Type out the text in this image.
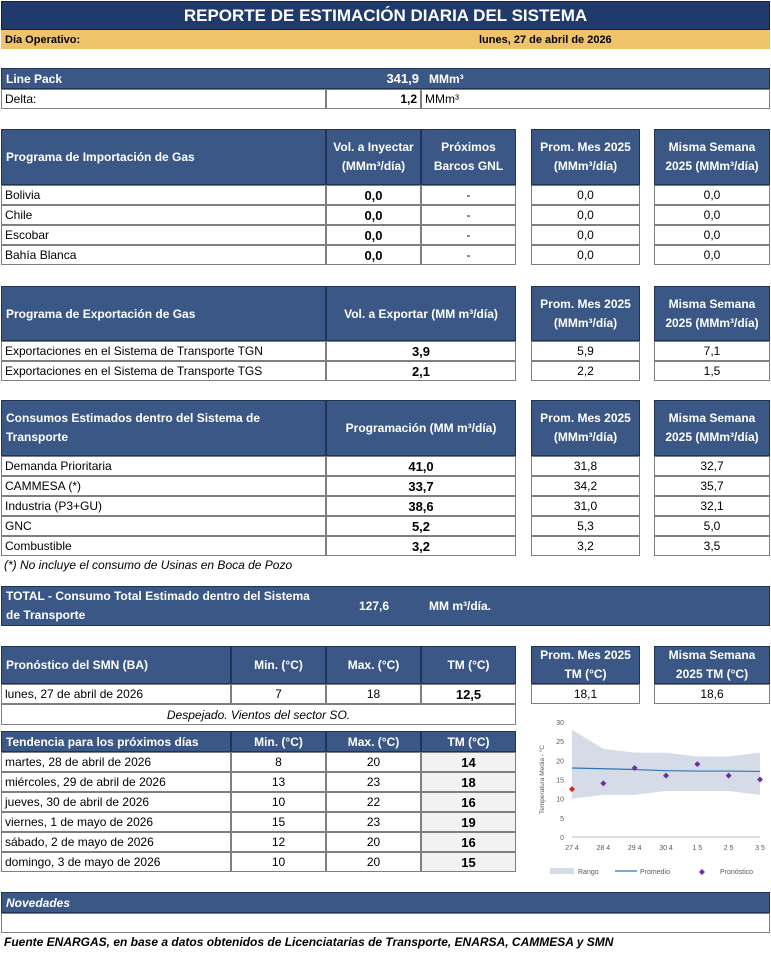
REPORTE DE ESTIMACIÓN DIARIA DEL SISTEMA
Día Operativo:	lunes, 27 de abril de 2026
Line Pack	341,9 MMm³
Delta:	1,2 MMm³
Programa de Importación de Gas
Vol. a Inyectar (MMm³/día)
Próximos Barcos GNL
Prom. Mes 2025 (MMm³/día)
Misma Semana 2025 (MMm³/día)
Bolivia	0,0	-	0,0	0,0
Chile	0,0	-	0,0	0,0
Escobar	0,0	-	0,0	0,0
Bahía Blanca	0,0	-	0,0	0,0
Programa de Exportación de Gas	Vol. a Exportar (MM m³/día)
Prom. Mes 2025 (MMm³/día)
Misma Semana 2025 (MMm³/día)
Exportaciones en el Sistema de Transporte TGN	3,9	5,9	7,1
Exportaciones en el Sistema de Transporte TGS	2,1	2,2	1,5
Consumos Estimados dentro del Sistema de Transporte
Programación (MM m³/día)
Prom. Mes 2025 (MMm³/día)
Misma Semana 2025 (MMm³/día)
Demanda Prioritaria	41,0	31,8	32,7
CAMMESA (*)	33,7	34,2	35,7
Industria (P3+GU)	38,6	31,0	32,1
GNC	5,2	5,3	5,0
Combustible	3,2	3,2	3,5
(*) No incluye el consumo de Usinas en Boca de Pozo
TOTAL - Consumo Total Estimado dentro del Sistema de Transporte
127,6	MM m³/día.
Pronóstico del SMN (BA)	Min. (°C)	Max. (°C)	TM (°C)
Prom. Mes 2025 TM (°C)
Misma Semana 2025 TM (°C)
lunes, 27 de abril de 2026	7	18	12,5	18,1	18,6
Despejado. Vientos del sector SO.
Tendencia para los próximos días	Min. (°C)	Max. (°C)	TM (°C)
martes, 28 de abril de 2026	8	20	14
miércoles, 29 de abril de 2026	13	23	18
jueves, 30 de abril de 2026	10	22	16
viernes, 1 de mayo de 2026	15	23	19
sábado, 2 de mayo de 2026	12	20	16
domingo, 3 de mayo de 2026	10	20	15
0
5
10
15
20
25
30
27 4	28 4	29 4	30 4	1 5	2 5	3 5
Temperatura Media - °C
Rango	Promedio	Pronóstico
Novedades
Fuente ENARGAS, en base a datos obtenidos de Licenciatarias de Transporte, ENARSA, CAMMESA y SMN
